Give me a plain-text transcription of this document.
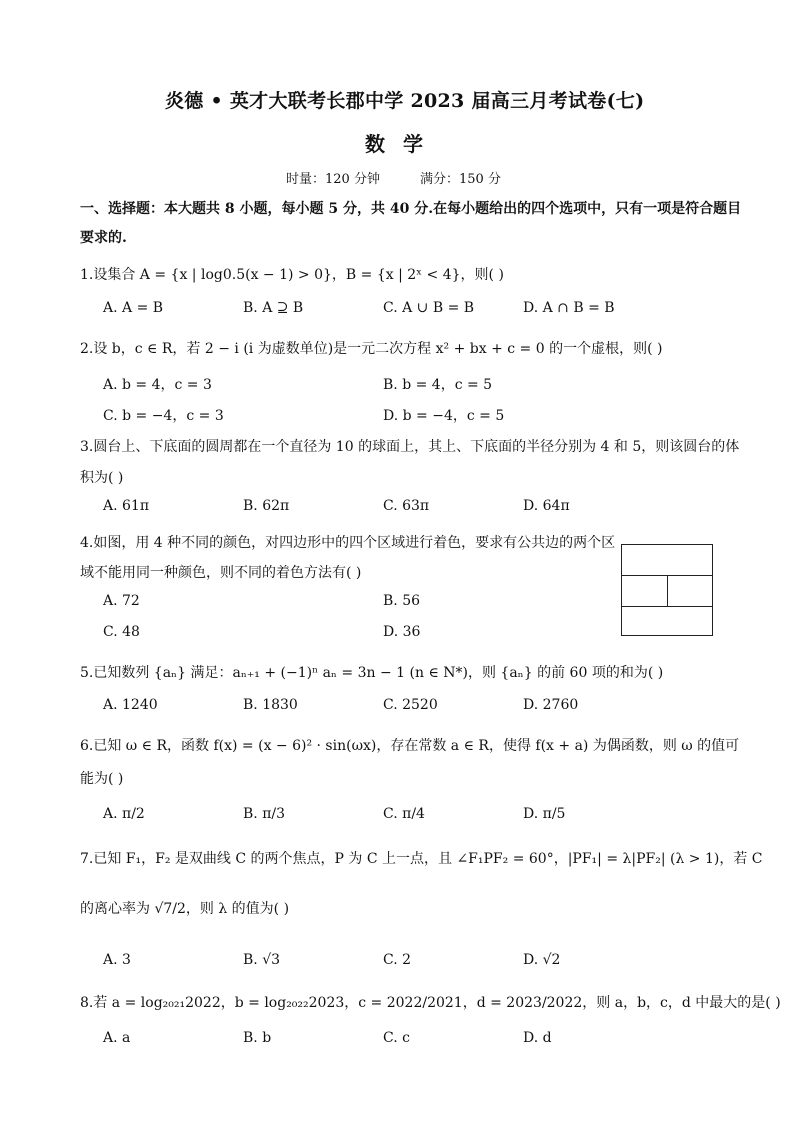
炎德 • 英才大联考长郡中学 2023 届高三月考试卷(七)
数学
时量：120 分钟	满分：150 分
一、选择题：本大题共 8 小题，每小题 5 分，共 40 分.在每小题给出的四个选项中，只有一项是符合题目
要求的.
1.设集合 A = {x | log0.5(x − 1) > 0}，B = {x | 2ˣ < 4}，则( )
A. A = B	B. A ⊇ B	C. A ∪ B = B	D. A ∩ B = B
2.设 b，c ∈ R，若 2 − i (i 为虚数单位)是一元二次方程 x² + bx + c = 0 的一个虚根，则( )
A. b = 4，c = 3	B. b = 4，c = 5
C. b = −4，c = 3	D. b = −4，c = 5
3.圆台上、下底面的圆周都在一个直径为 10 的球面上，其上、下底面的半径分别为 4 和 5，则该圆台的体
积为( )
A. 61π	B. 62π	C. 63π	D. 64π
4.如图，用 4 种不同的颜色，对四边形中的四个区域进行着色，要求有公共边的两个区
域不能用同一种颜色，则不同的着色方法有( )
A. 72	B. 56
C. 48	D. 36
5.已知数列 {aₙ} 满足：aₙ₊₁ + (−1)ⁿ aₙ = 3n − 1 (n ∈ N*)，则 {aₙ} 的前 60 项的和为( )
A. 1240	B. 1830	C. 2520	D. 2760
6.已知 ω ∈ R，函数 f(x) = (x − 6)² · sin(ωx)，存在常数 a ∈ R，使得 f(x + a) 为偶函数，则 ω 的值可
能为( )
A. π/2	B. π/3	C. π/4	D. π/5
7.已知 F₁，F₂ 是双曲线 C 的两个焦点，P 为 C 上一点，且 ∠F₁PF₂ = 60°，|PF₁| = λ|PF₂| (λ > 1)，若 C
的离心率为 √7/2，则 λ 的值为( )
A. 3	B. √3	C. 2	D. √2
8.若 a = log₂₀₂₁2022，b = log₂₀₂₂2023，c = 2022/2021，d = 2023/2022，则 a，b，c，d 中最大的是( )
A. a	B. b	C. c	D. d
